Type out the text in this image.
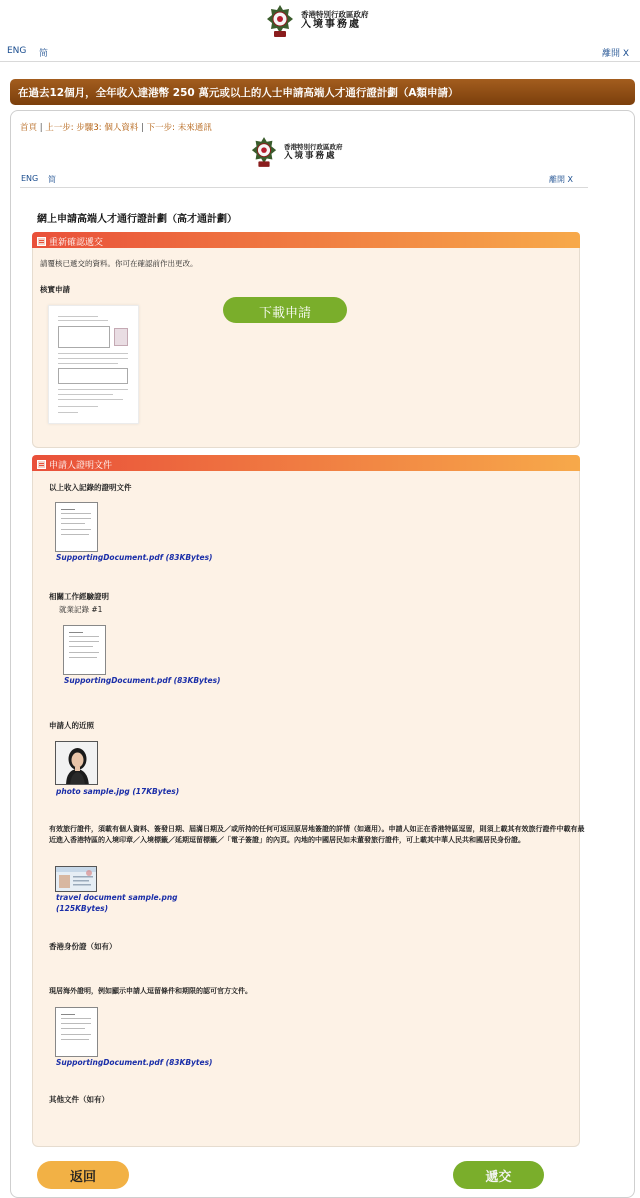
香港特別行政區政府
入境事務處
ENG 简	離開 X
在過去12個月，全年收入達港幣 250 萬元或以上的人士申請高端人才通行證計劃（A類申請）
首頁 | 上一步: 步驟3: 個人資料 | 下一步: 未來通訊
香港特別行政區政府
入境事務處
ENG 简	離開 X
網上申請高端人才通行證計劃（高才通計劃）
重新確認遞交
請覆核已遞交的資料。你可在確認前作出更改。
核實申請
下載申請
申請人證明文件
以上收入記錄的證明文件
SupportingDocument.pdf (83KBytes)
相關工作經驗證明
就業記錄 #1
SupportingDocument.pdf (83KBytes)
申請人的近照
photo sample.jpg (17KBytes)
有效旅行證件，須載有個人資料、簽發日期、屆滿日期及／或所持的任何可返回原居地簽證的詳情（如適用）。申請人如正在香港特區逗留，則須上載其有效旅行證件中載有最近進入香港特區的入境印章／入境標籤／延期逗留標籤／「電子簽證」的內頁。內地的中國居民如未董發旅行證件，可上載其中華人民共和國居民身份證。
travel document sample.png
(125KBytes)
香港身份證（如有）
現居海外證明，例如顯示申請人逗留條件和期限的認可官方文件。
SupportingDocument.pdf (83KBytes)
其他文件（如有）
返回	遞交
